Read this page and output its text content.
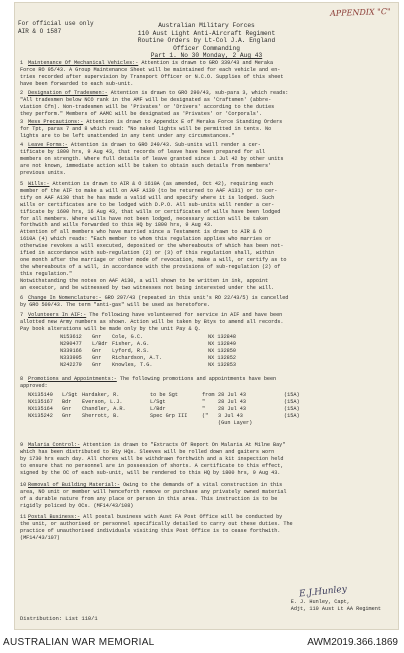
APPENDIX "C"
For official use only
AIR & O 1587
Australian Military Forces
110 Aust Light Anti-Aircraft Regiment
Routine Orders by Lt-Col J.A. England
Officer Commanding
Part 1. No 30 Monday, 2 Aug 43
1 Maintenance Of Mechanical Vehicles:- Attention is drawn to GRO 339/43 and Meraka
Force RO 95/43. A Group Maintenance Sheet will be maintained for each vehicle and en-
tries recorded after supervision by Transport Officer or N.C.O. Supplies of this sheet
have been forwarded to each sub-unit.
2 Designation of Tradesmen:- Attention is drawn to GRO 290/43, sub-para 3, which reads:
"All tradesmen below NCO rank in the AMF will be designated as 'Craftsmen' (abbre-
viation Cfn). Non-tradesmen will be 'Privates' or 'Drivers' according to the duties
they perform." Members of AAMC will be designated as 'Privates' or 'Corporals'.
3 Mess Precautions:- Attention is drawn to Appendix E of Meraka Force Standing Orders
for Tpt, paras 7 and 8 which read: "No naked lights will be permitted in tents. No
lights are to be left unattended in any tent under any circumstances."
4 Leave Forms:- Attention is drawn to GRO 249/43. Sub-units will render a cer-
tificate by 1800 hrs, 9 Aug 43, that records of leave have been prepared for all
members on strength. Where full details of leave granted since 1 Jul 42 by other units
are not known, immediate action will be taken to obtain such details from members'
previous units.
5 Wills:- Attention is drawn to AIR & O 1610A (as amended, Oct 42), requiring each
member of the AIF to make a will on AAF A130 (to be returned to AAF A131) or to cer-
tify on AAF A130 that he has made a valid will and specify where it is lodged. Such
wills or certificates are to be lodged with D.P.O. All sub-units will render a cer-
tificate by 1600 hrs, 16 Aug 43, that wills or certificates of wills have been lodged
for all members. Where wills have not been lodged, necessary action will be taken
forthwith and wills forwarded to this HQ by 1800 hrs, 9 Aug 43.
Attention of all members who have married since a Testament is drawn to AIR & O
1610A (4) which reads: "Each member to whom this regulation applies who marries or
otherwise revokes a will executed, deposited or the whereabouts of which has been not-
ified in accordance with sub-regulation (2) or (3) of this regulation shall, within
one month after the marriage or other mode of revocation, make a will, or certify as to
the whereabouts of a will, in accordance with the provisions of sub-regulation (2) of
this regulation."
Notwithstanding the notes on AAF A130, a will shown to be written in ink, appoint
an executor, and be witnessed by two witnesses not being interested under the will.
6 Change In Nomenclature:- GRO 297/43 (repeated in this unit's RO 22/43/5) is cancelled
by GRO 509/43. The term "anti-gas" will be used as heretofore.
7 Volunteers In AIF:- The following have volunteered for service in AIF and have been
allotted new Army numbers as shown. Action will be taken by Btys to amend all records.
Pay book alterations will be made only by the unit Pay & Q.
N153612 Gnr Cole, G.C.	NX 132848
N290477 L/Bdr Fisher, A.G.	NX 132849
N339166 Gnr Lyford, R.S.	NX 132850
N333995 Gnr Richardson, A.T.	NX 132852
N242279 Gnr Knowles, T.G.	NX 132853
8 Promotions and Appointments:- The following promotions and appointments have been
approved:
NX135140 L/Sgt Hardaker, R.	to be Sgt	from 28 Jul 43	(15A)
NX135167 Bdr Everson, L.J.	L/Sgt	" 28 Jul 43	(15A)
NX135164 Gnr Chandler, A.R.	L/Bdr	" 28 Jul 43	(15A)
NX135242 Gnr Sherrott, B.	Spec Grp III	(" 3 Jul 43	(15A)
(Gun Layer)
9 Malaria Control:- Attention is drawn to "Extracts Of Report On Malaria At Milne Bay"
which has been distributed to Bty HQs. Sleeves will be rolled down and gaiters worn
by 1730 hrs each day. All chores will be withdrawn forthwith and a kit inspection held
to ensure that no personnel are in possession of shorts. A certificate to this effect,
signed by the OC of each sub-unit, will be rendered to this HQ by 1800 hrs, 9 Aug 43.
10 Removal of Building Material:- Owing to the demands of a vital construction in this
area, NO unit or member will henceforth remove or purchase any privately owned material
of a durable nature from any place or person in this area. This instruction is to be
rigidly policed by OCs. (MF14/43/108)
11 Postal Business:- All postal business with Aust FA Post Office will be conducted by
the unit, or authorised or personnel specifically detailed to carry out these duties. The
practice of unauthorised individuals visiting this Post Office is to cease forthwith.
(MF14/43/107)
E.J.Hunley
E. J. Hunley, Capt,
Adjt, 110 Aust Lt AA Regiment
Distribution: List 110/1
AUSTRALIAN WAR MEMORIAL	AWM2019.366.1869
